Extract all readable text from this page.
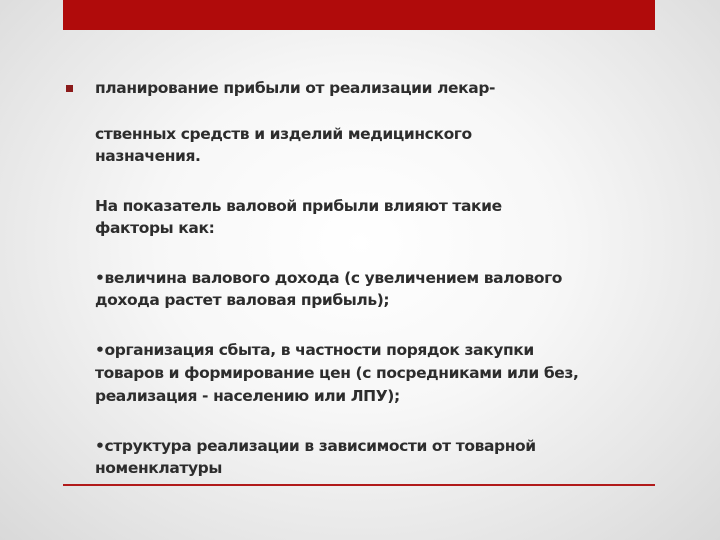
планирование прибыли от реализации лекар-
ственных средств и изделий медицинского
назначения.
На показатель валовой прибыли влияют такие
факторы как:
•величина валового дохода (с увеличением валового
дохода растет валовая прибыль);
•организация сбыта, в частности порядок закупки
товаров и формирование цен (с посредниками или без,
реализация - населению или ЛПУ);
•структура реализации в зависимости от товарной
номенклатуры
